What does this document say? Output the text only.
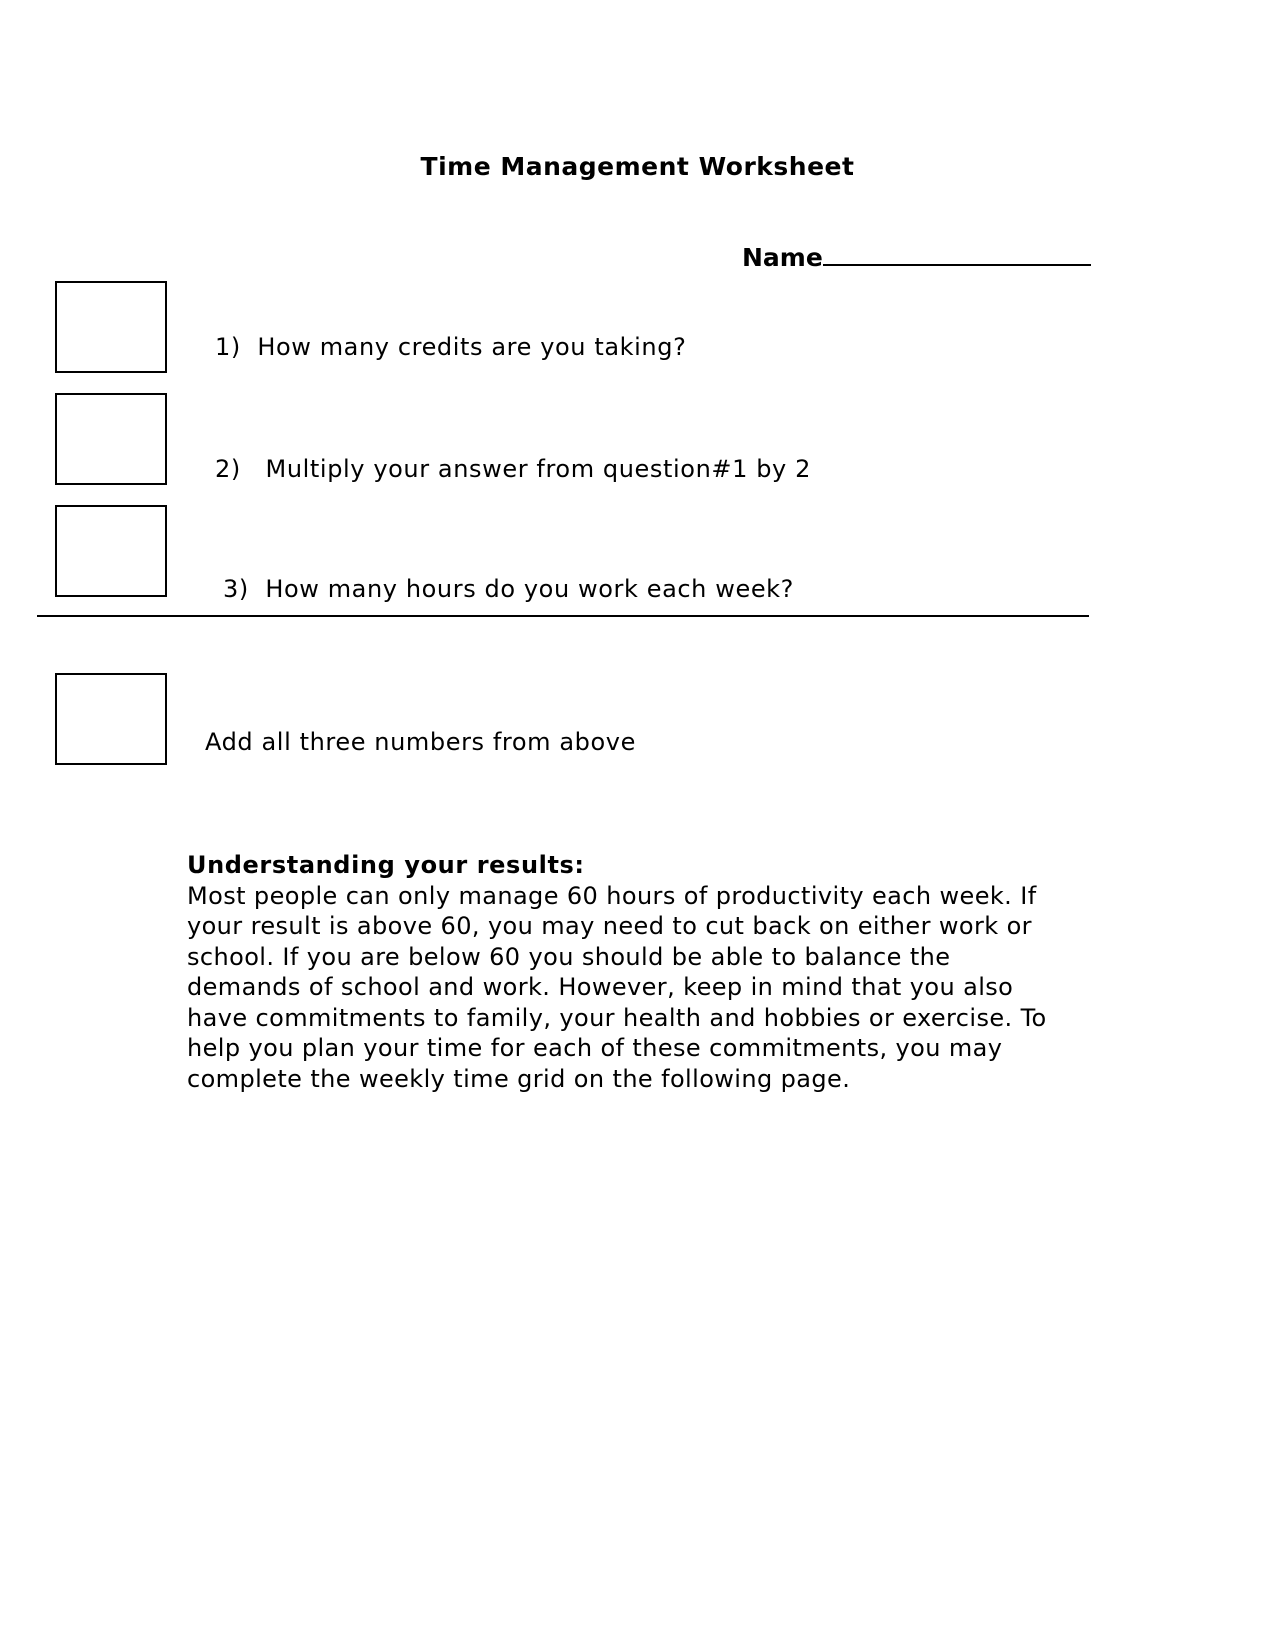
Time Management Worksheet
Name
1) How many credits are you taking?
2) Multiply your answer from question#1 by 2
3) How many hours do you work each week?
Add all three numbers from above
Understanding your results:
Most people can only manage 60 hours of productivity each week. If
your result is above 60, you may need to cut back on either work or
school. If you are below 60 you should be able to balance the
demands of school and work. However, keep in mind that you also
have commitments to family, your health and hobbies or exercise. To
help you plan your time for each of these commitments, you may
complete the weekly time grid on the following page.
